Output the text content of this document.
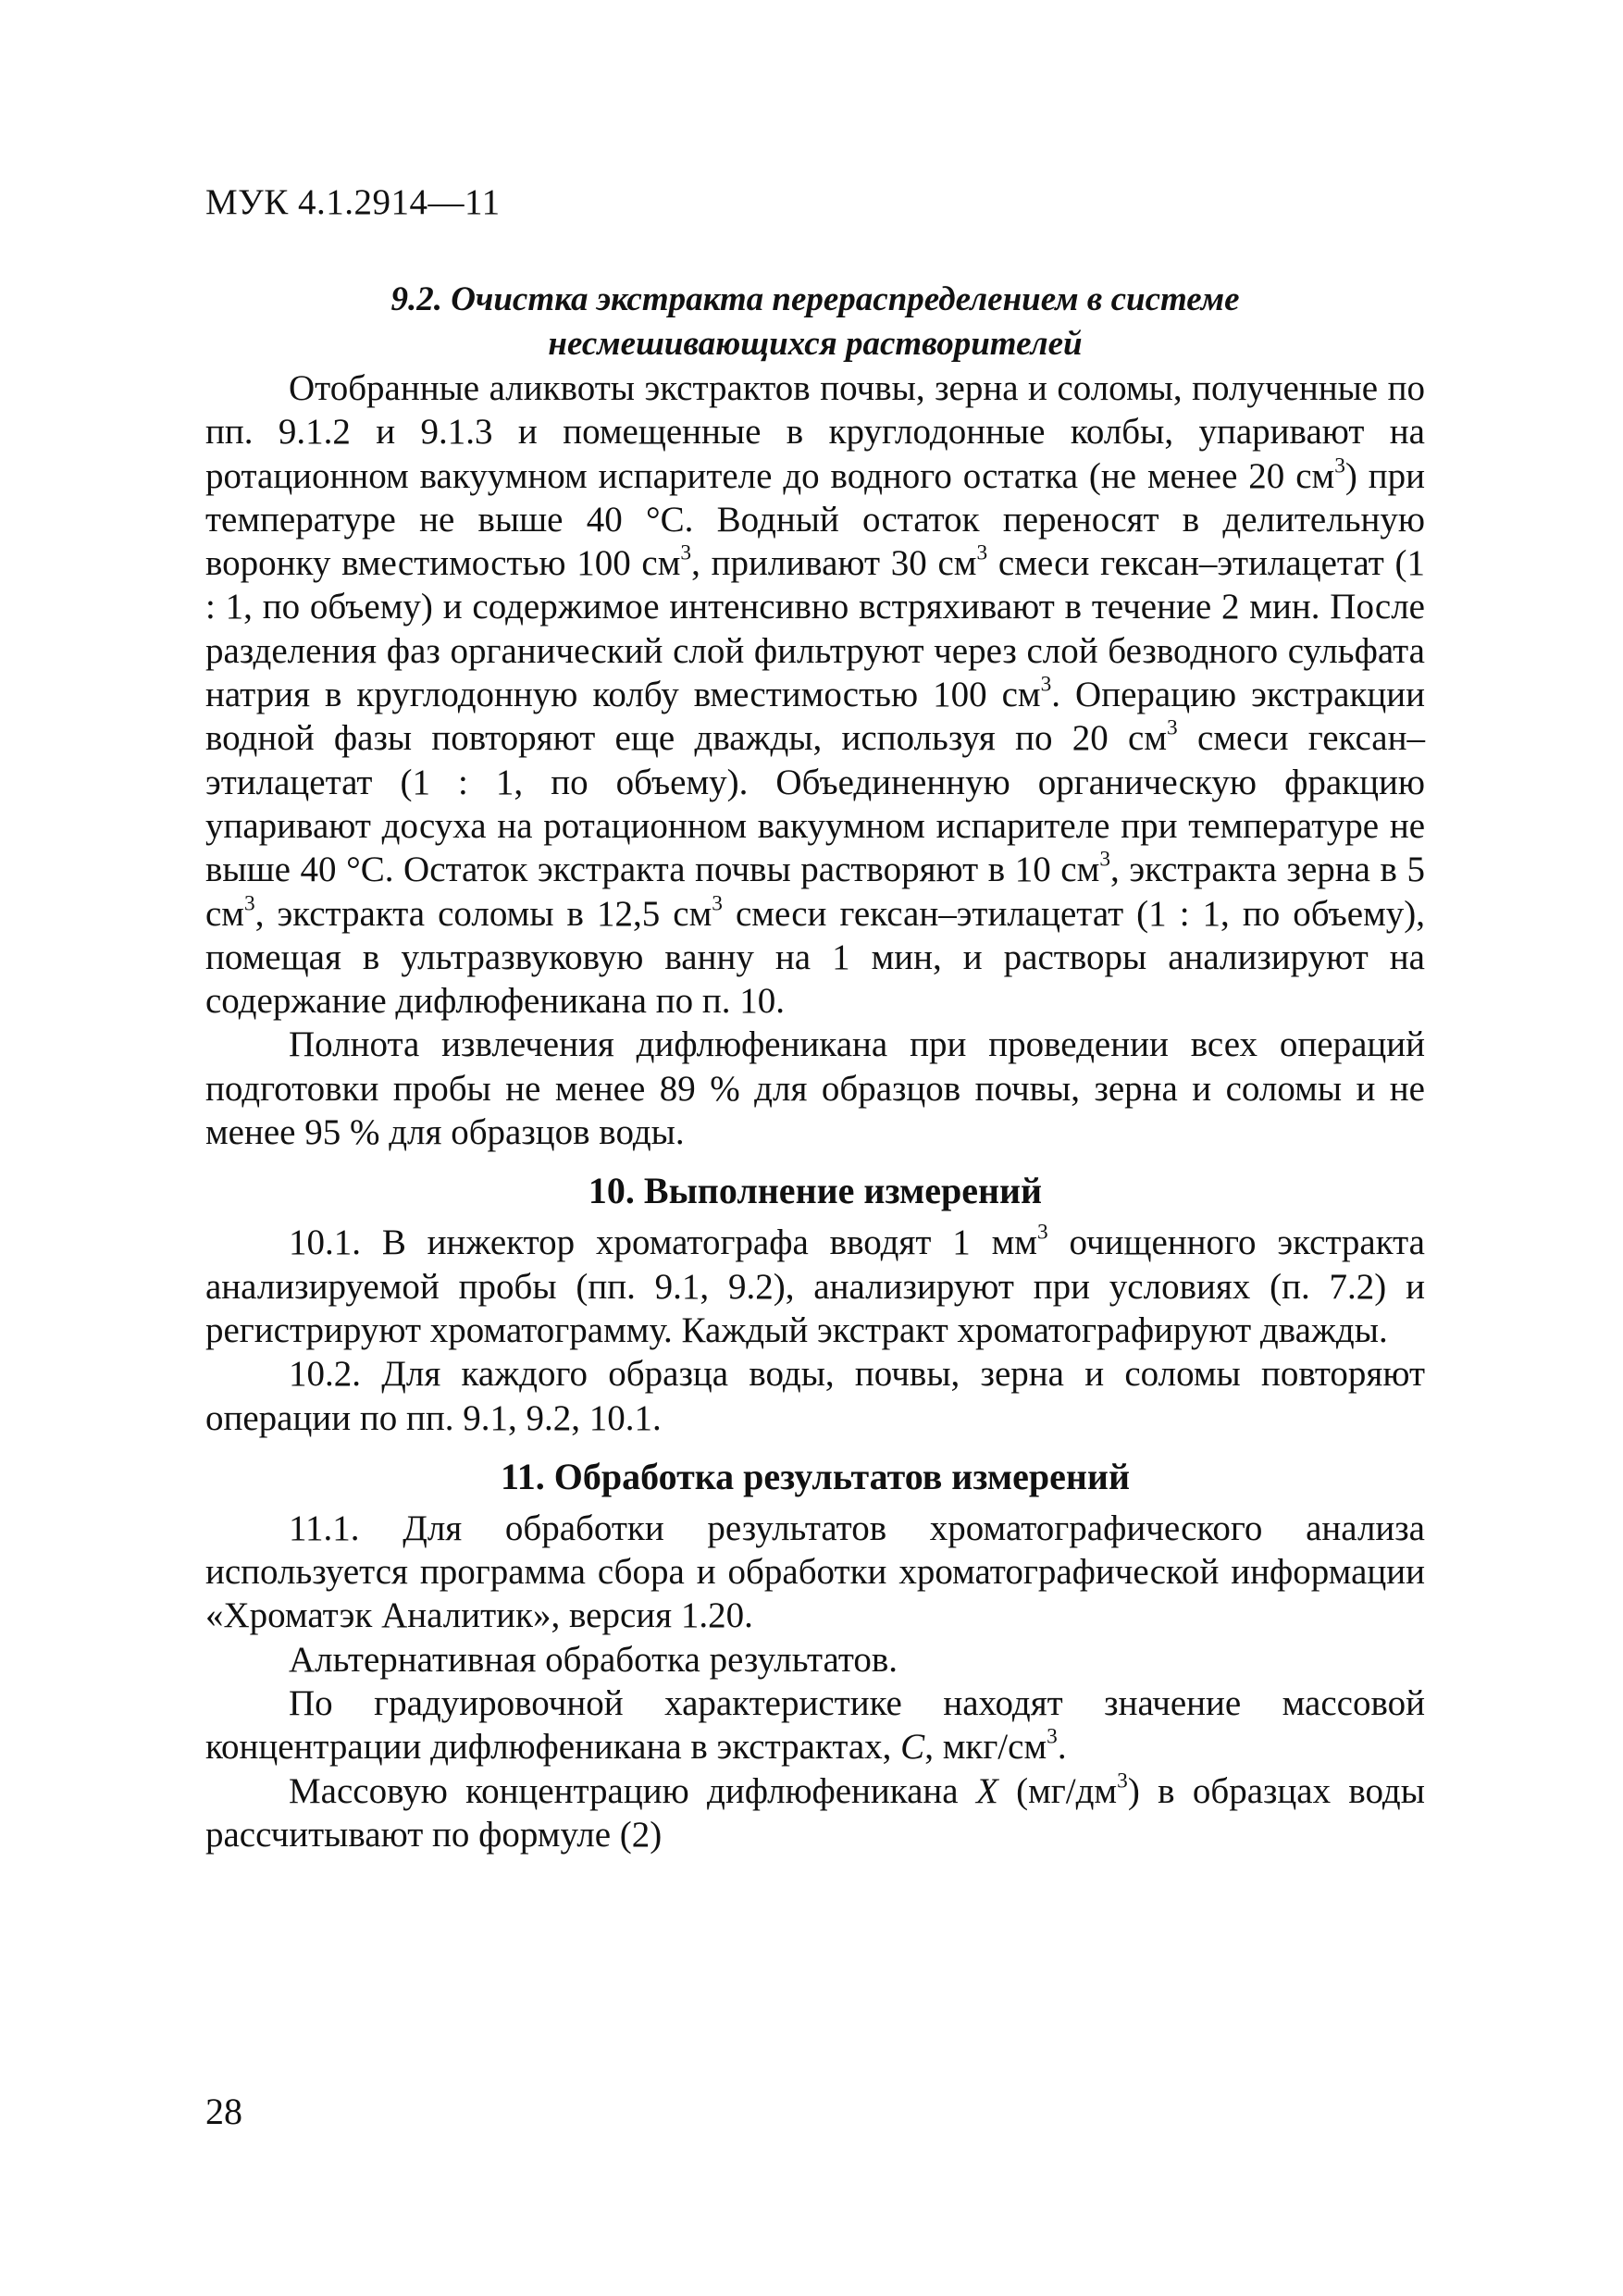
МУК 4.1.2914—11
9.2. Очистка экстракта перераспределением в системе
несмешивающихся растворителей

Отобранные аликвоты экстрактов почвы, зерна и соломы, полученные по пп. 9.1.2 и 9.1.3 и помещенные в круглодонные колбы, упаривают на ротационном вакуумном испарителе до водного остатка (не менее 20 $см^3$) при температуре не выше 40 °С. Водный остаток переносят в делительную воронку вместимостью 100 $см^3$, приливают 30 $см^3$ смеси гексан–этилацетат (1 : 1, по объему) и содержимое интенсивно встряхивают в течение 2 мин. После разделения фаз органический слой фильтруют через слой безводного сульфата натрия в круглодонную колбу вместимостью 100 $см^3$. Операцию экстракции водной фазы повторяют еще дважды, используя по 20 $см^3$ смеси гексан–этилацетат (1 : 1, по объему). Объединенную органическую фракцию упаривают досуха на ротационном вакуумном испарителе при температуре не выше 40 °С. Остаток экстракта почвы растворяют в 10 $см^3$, экстракта зерна в 5 $см^3$, экстракта соломы в 12,5 $см^3$ смеси гексан–этилацетат (1 : 1, по объему), помещая в ультразвуковую ванну на 1 мин, и растворы анализируют на содержание дифлюфеникана по п. 10.

Полнота извлечения дифлюфеникана при проведении всех операций подготовки пробы не менее 89 % для образцов почвы, зерна и соломы и не менее 95 % для образцов воды.

10. Выполнение измерений

10.1. В инжектор хроматографа вводят 1 $мм^3$ очищенного экстракта анализируемой пробы (пп. 9.1, 9.2), анализируют при условиях (п. 7.2) и регистрируют хроматограмму. Каждый экстракт хроматографируют дважды.

10.2. Для каждого образца воды, почвы, зерна и соломы повторяют операции по пп. 9.1, 9.2, 10.1.

11. Обработка результатов измерений

11.1. Для обработки результатов хроматографического анализа используется программа сбора и обработки хроматографической информации «Хроматэк Аналитик», версия 1.20.

Альтернативная обработка результатов.

По градуировочной характеристике находят значение массовой концентрации дифлюфеникана в экстрактах, С, мкг/$см^3$.

Массовую концентрацию дифлюфеникана X $(мг/дм^3)$ в образцах воды рассчитывают по формуле (2)

28
